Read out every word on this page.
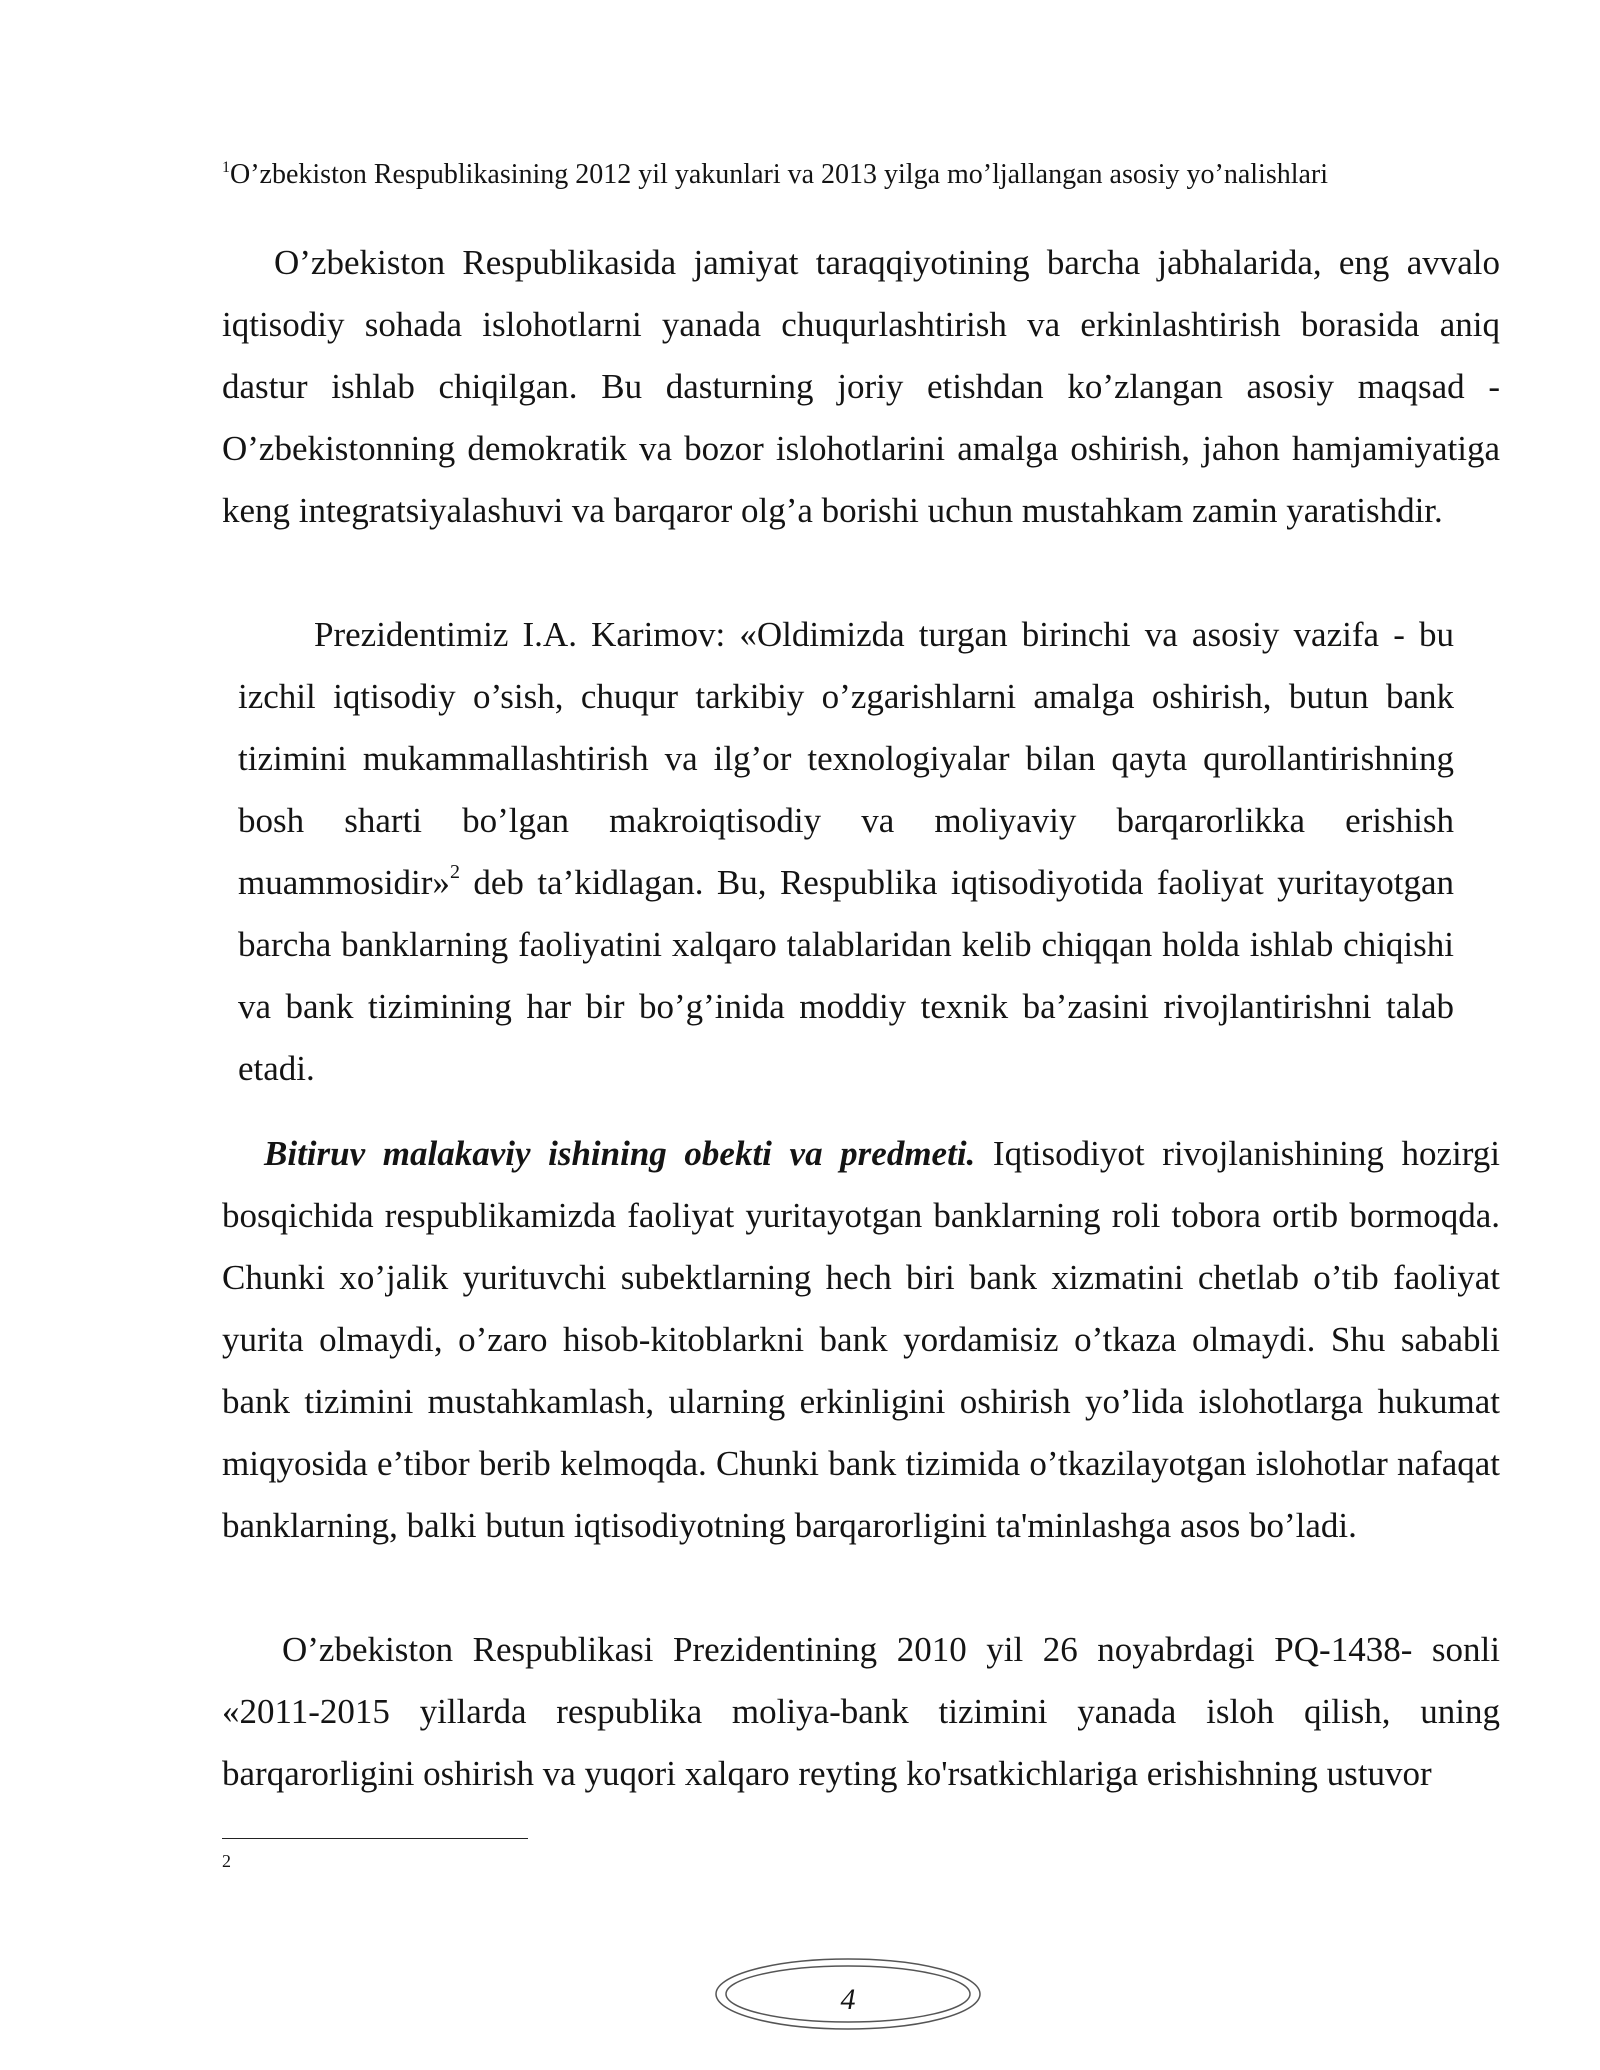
$^1$O’zbekiston Respublikasining 2012 yil yakunlari va 2013 yilga mo’ljallangan asosiy yo’nalishlari

O’zbekiston Respublikasida jamiyat taraqqiyotining barcha jabhalarida, eng avvalo iqtisodiy sohada islohotlarni yanada chuqurlashtirish va erkinlashtirish borasida aniq dastur ishlab chiqilgan. Bu dasturning joriy etishdan ko’zlangan asosiy maqsad - O’zbekistonning demokratik va bozor islohotlarini amalga oshirish, jahon hamjamiyatiga keng integratsiyalashuvi va barqaror olg’a borishi uchun mustahkam zamin yaratishdir.

Prezidentimiz I.A. Karimov: «Oldimizda turgan birinchi va asosiy vazifa - bu izchil iqtisodiy o’sish, chuqur tarkibiy o’zgarishlarni amalga oshirish, butun bank tizimini mukammallashtirish va ilg’or texnologiyalar bilan qayta qurollantirishning bosh sharti bo’lgan makroiqtisodiy va moliyaviy barqarorlikka erishish muammosidir»$^2$ deb ta’kidlagan. Bu, Respublika iqtisodiyotida faoliyat yuritayotgan barcha banklarning faoliyatini xalqaro talablaridan kelib chiqqan holda ishlab chiqishi va bank tizimining har bir bo’g’inida moddiy texnik ba’zasini rivojlantirishni talab etadi.

Bitiruv malakaviy ishining obekti va predmeti. Iqtisodiyot rivojlanishining hozirgi bosqichida respublikamizda faoliyat yuritayotgan banklarning roli tobora ortib bormoqda. Chunki xo’jalik yurituvchi subektlarning hech biri bank xizmatini chetlab o’tib faoliyat yurita olmaydi, o’zaro hisob-kitoblarkni bank yordamisiz o’tkaza olmaydi. Shu sababli bank tizimini mustahkamlash, ularning erkinligini oshirish yo’lida islohotlarga hukumat miqyosida e’tibor berib kelmoqda. Chunki bank tizimida o’tkazilayotgan islohotlar nafaqat banklarning, balki butun iqtisodiyotning barqarorligini ta'minlashga asos bo’ladi.

O’zbekiston Respublikasi Prezidentining 2010 yil 26 noyabrdagi PQ-1438- sonli «2011-2015 yillarda respublika moliya-bank tizimini yanada isloh qilish, uning barqarorligini oshirish va yuqori xalqaro reyting ko'rsatkichlariga erishishning ustuvor

2
4
